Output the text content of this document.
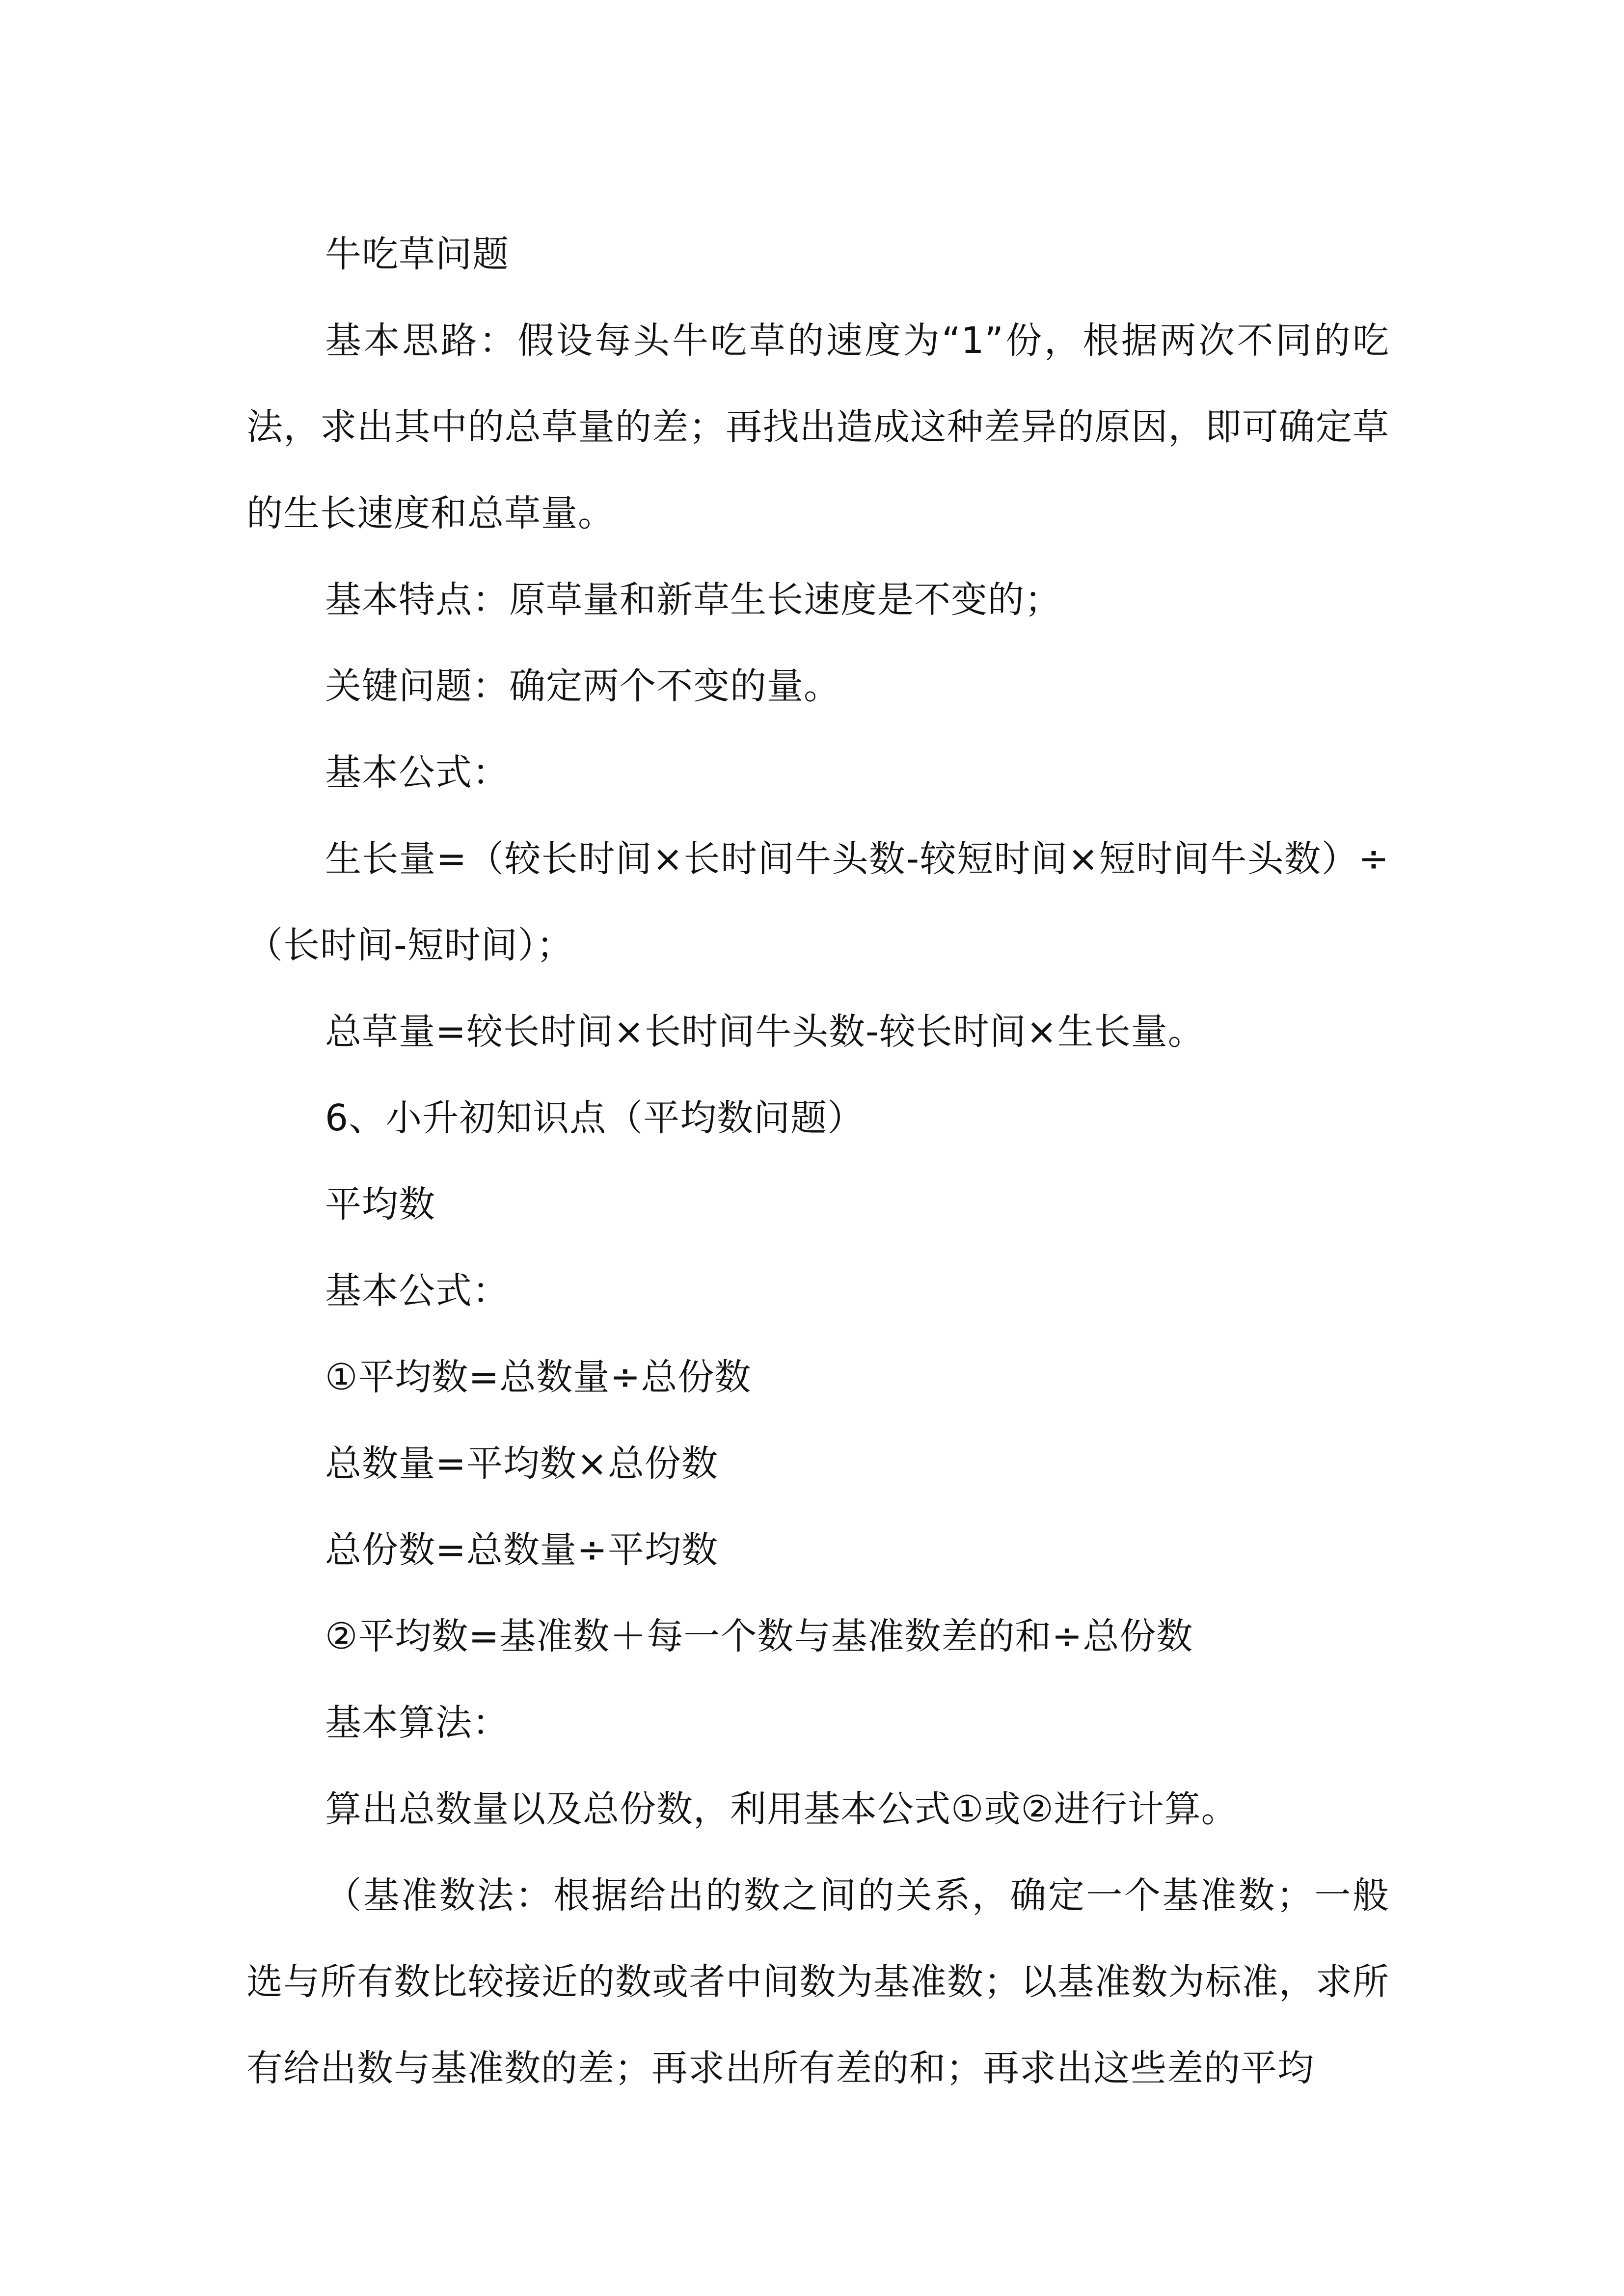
牛吃草问题

基本思路：假设每头牛吃草的速度为“1”份，根据两次不同的吃法，求出其中的总草量的差；再找出造成这种差异的原因，即可确定草的生长速度和总草量。

基本特点：原草量和新草生长速度是不变的；

关键问题：确定两个不变的量。

基本公式：

生长量=（较长时间×长时间牛头数-较短时间×短时间牛头数）÷（长时间-短时间）；

总草量=较长时间×长时间牛头数-较长时间×生长量。

6、小升初知识点（平均数问题）

平均数

基本公式：

①平均数=总数量÷总份数

总数量=平均数×总份数

总份数=总数量÷平均数

②平均数=基准数＋每一个数与基准数差的和÷总份数

基本算法：

算出总数量以及总份数，利用基本公式①或②进行计算。

（基准数法：根据给出的数之间的关系，确定一个基准数；一般选与所有数比较接近的数或者中间数为基准数；以基准数为标准，求所有给出数与基准数的差；再求出所有差的和；再求出这些差的平均
